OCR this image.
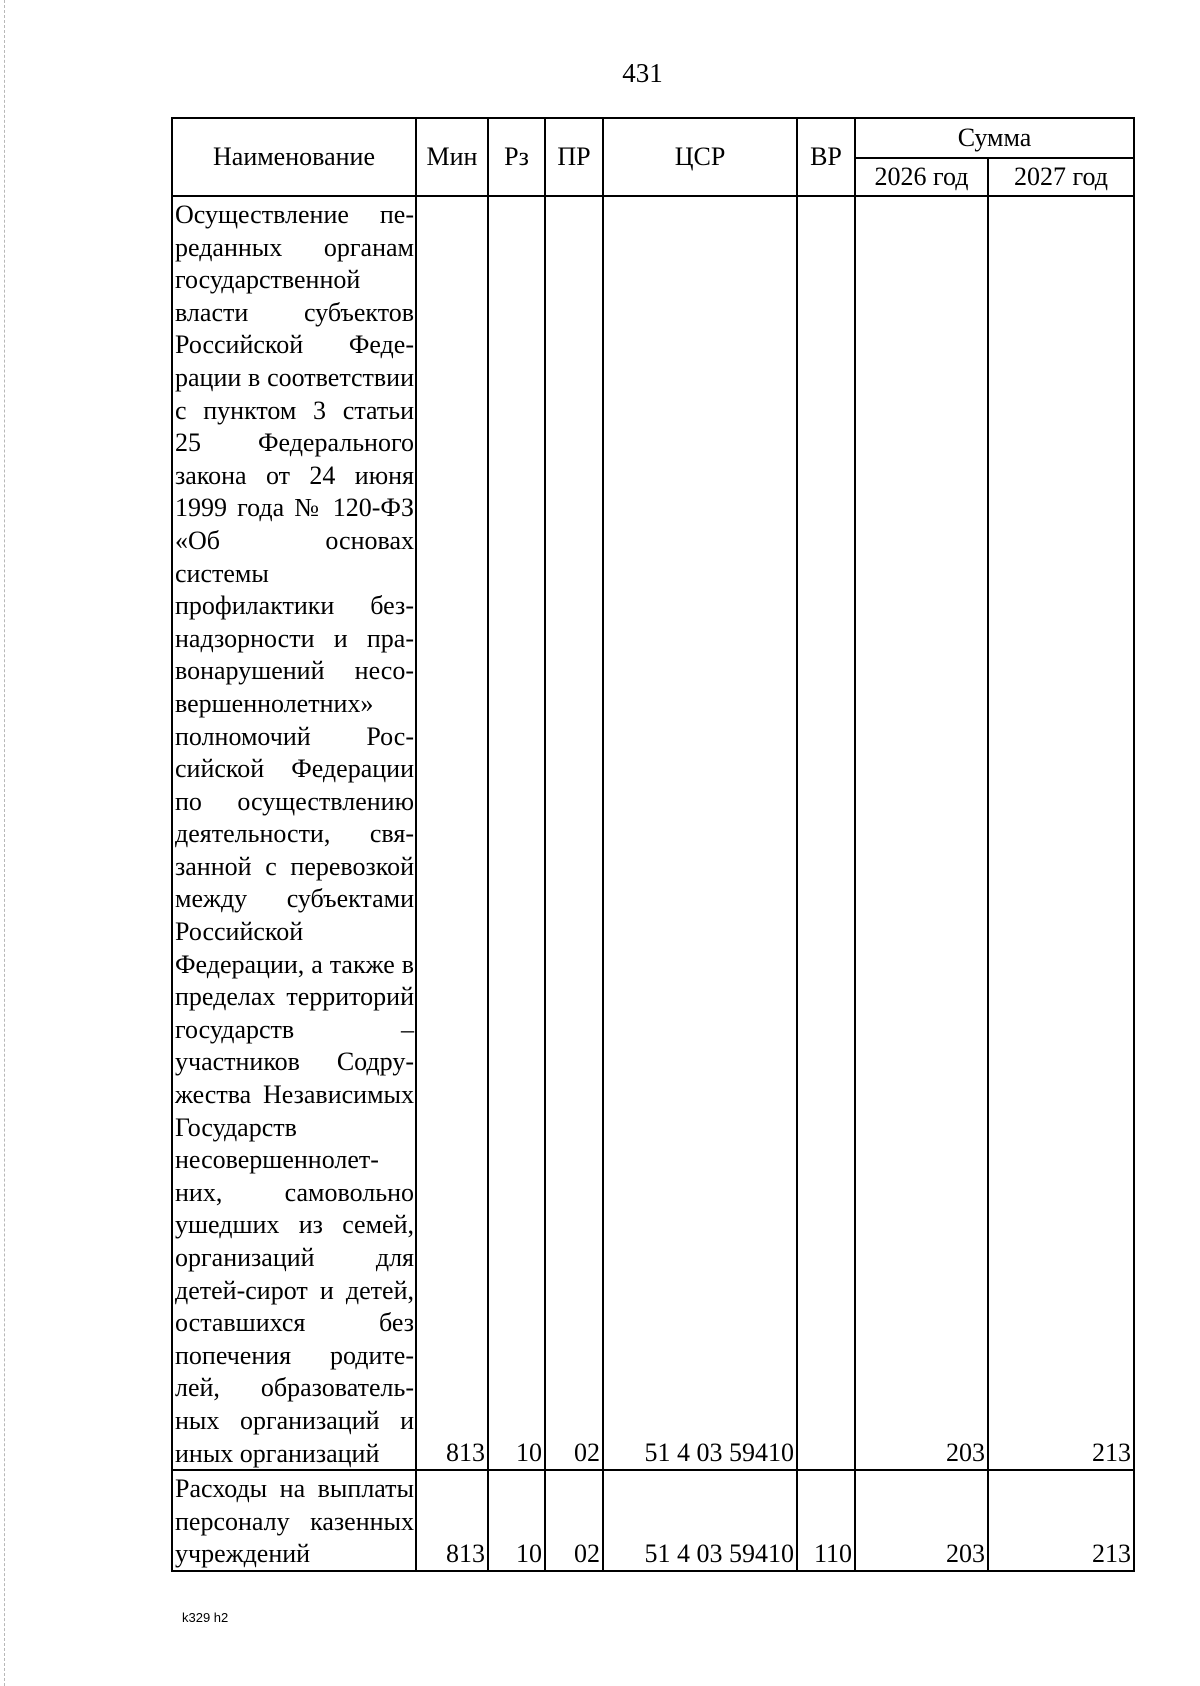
431
Наименование	Мин	Рз	ПР	ЦСР	ВР	Сумма	
						2026 год	2027 год

Осуществление переданных органам государственной власти субъектов Российской Федерации в соответствии с пунктом 3 статьи 25 Федерального закона от 24 июня 1999 года № 120-ФЗ «Об основах системы профилактики безнадзорности и правонарушений несовершеннолетних» полномочий Российской Федерации по осуществлению деятельности, связанной с перевозкой между субъектами Российской Федерации, а также в пределах территорий государств – участников Содружества Независимых Государств несовершеннолетних, самовольно ушедших из семей, организаций для детей-сирот и детей, оставшихся без попечения родителей, образовательных организаций и иных организаций	813	10	02	51 4 03 59410		203	213

Расходы на выплаты персоналу казенных учреждений	813	10	02	51 4 03 59410	110	203	213
k329 h2
